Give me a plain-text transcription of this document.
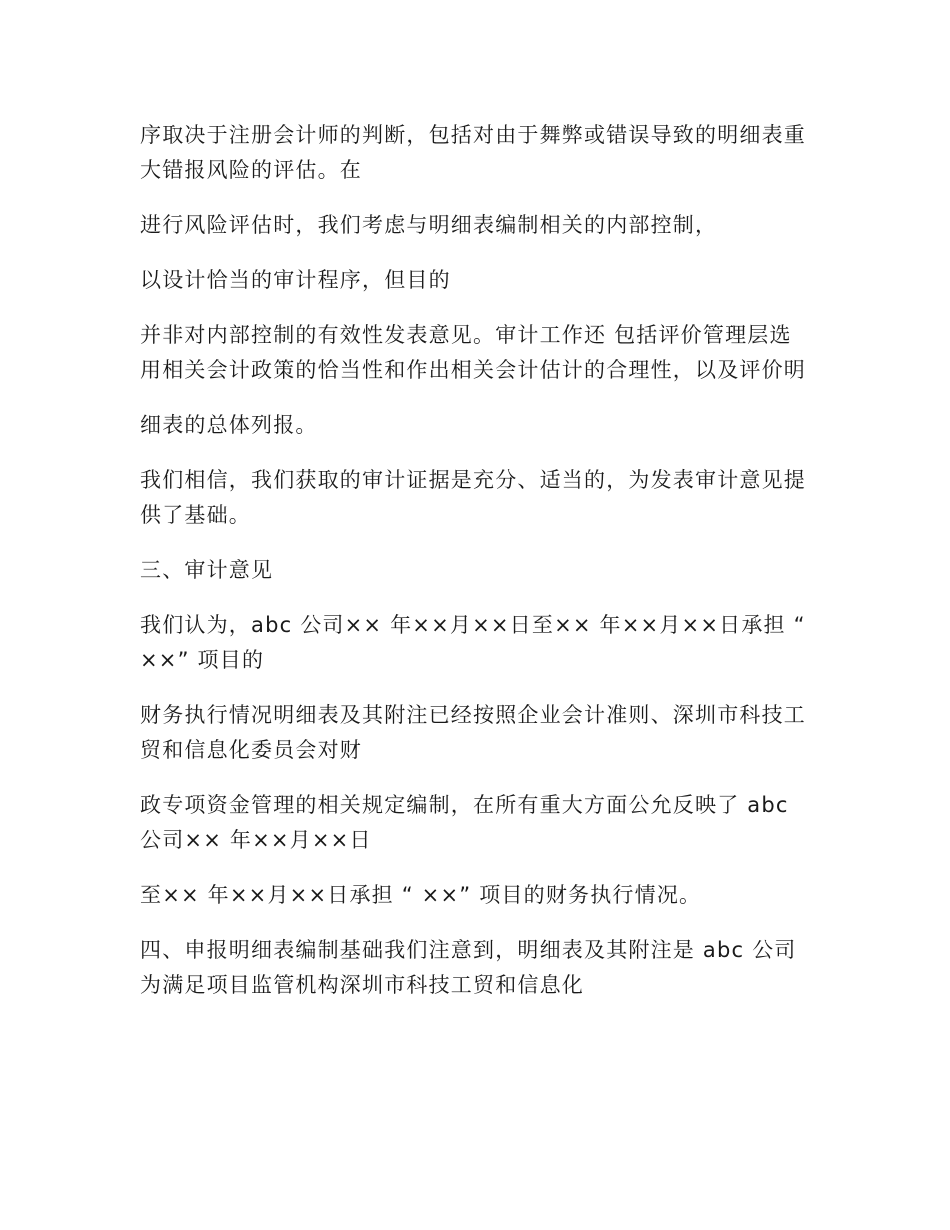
序取决于注册会计师的判断，包括对由于舞弊或错误导致的明细表重大错报风险的评估。在

进行风险评估时，我们考虑与明细表编制相关的内部控制，

以设计恰当的审计程序，但目的

并非对内部控制的有效性发表意见。审计工作还 包括评价管理层选用相关会计政策的恰当性和作出相关会计估计的合理性，以及评价明

细表的总体列报。

我们相信，我们获取的审计证据是充分、适当的，为发表审计意见提供了基础。

三、审计意见

我们认为，abc 公司×× 年××月××日至×× 年××月××日承担 “ ××” 项目的

财务执行情况明细表及其附注已经按照企业会计准则、深圳市科技工贸和信息化委员会对财

政专项资金管理的相关规定编制，在所有重大方面公允反映了 abc 公司×× 年××月××日

至×× 年××月××日承担 “ ××” 项目的财务执行情况。

四、申报明细表编制基础我们注意到，明细表及其附注是 abc 公司为满足项目监管机构深圳市科技工贸和信息化
